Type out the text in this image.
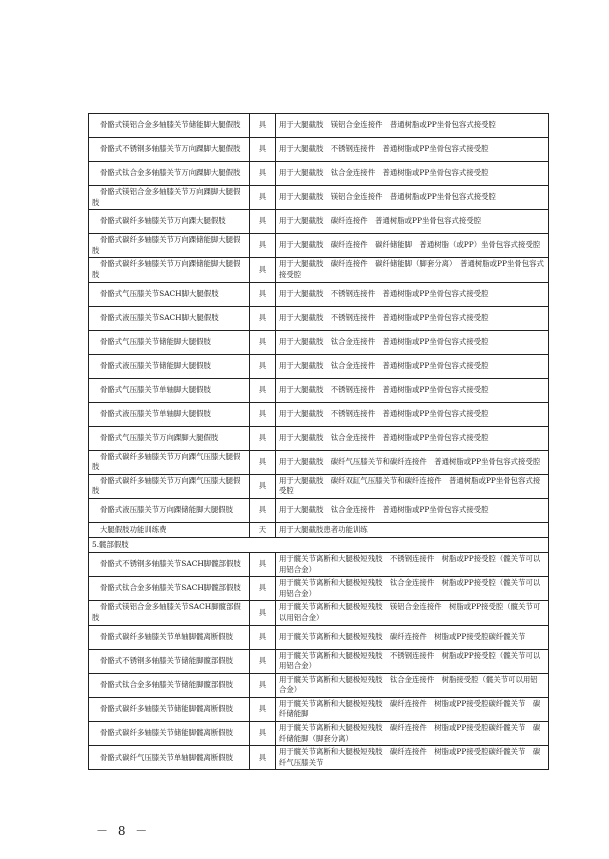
骨骼式镁铝合金多轴膝关节储能脚大腿假肢	具	用于大腿截肢　镁铝合金连接件　普通树脂或PP坐骨包容式接受腔
骨骼式不锈钢多轴膝关节万向踝脚大腿假肢	具	用于大腿截肢　不锈钢连接件　普通树脂或PP坐骨包容式接受腔
骨骼式钛合金多轴膝关节万向踝脚大腿假肢	具	用于大腿截肢　钛合金连接件　普通树脂或PP坐骨包容式接受腔
骨骼式镁铝合金多轴膝关节万向踝脚大腿假肢	具	用于大腿截肢　镁铝合金连接件　普通树脂或PP坐骨包容式接受腔
骨骼式碳纤多轴膝关节万向踝大腿假肢	具	用于大腿截肢　碳纤连接件　普通树脂或PP坐骨包容式接受腔
骨骼式碳纤多轴膝关节万向踝储能脚大腿假肢	具	用于大腿截肢　碳纤连接件　碳纤储能脚　普通树脂（或PP）坐骨包容式接受腔
骨骼式碳纤多轴膝关节万向踝储能脚大腿假肢	具	用于大腿截肢　碳纤连接件　碳纤储能脚（脚套分离）　普通树脂或PP坐骨包容式接受腔
骨骼式气压膝关节SACH脚大腿假肢	具	用于大腿截肢　不锈钢连接件　普通树脂或PP坐骨包容式接受腔
骨骼式液压膝关节SACH脚大腿假肢	具	用于大腿截肢　不锈钢连接件　普通树脂或PP坐骨包容式接受腔
骨骼式气压膝关节储能脚大腿假肢	具	用于大腿截肢　钛合金连接件　普通树脂或PP坐骨包容式接受腔
骨骼式液压膝关节储能脚大腿假肢	具	用于大腿截肢　钛合金连接件　普通树脂或PP坐骨包容式接受腔
骨骼式气压膝关节单轴脚大腿假肢	具	用于大腿截肢　不锈钢连接件　普通树脂或PP坐骨包容式接受腔
骨骼式液压膝关节单轴脚大腿假肢	具	用于大腿截肢　不锈钢连接件　普通树脂或PP坐骨包容式接受腔
骨骼式气压膝关节万向踝脚大腿假肢	具	用于大腿截肢　钛合金连接件　普通树脂或PP坐骨包容式接受腔
骨骼式碳纤多轴膝关节万向踝气压膝大腿假肢	具	用于大腿截肢　碳纤气压膝关节和碳纤连接件　普通树脂或PP坐骨包容式接受腔
骨骼式碳纤多轴膝关节万向踝气压膝大腿假肢	具	用于大腿截肢　碳纤双缸气压膝关节和碳纤连接件　普通树脂或PP坐骨包容式接受腔
骨骼式液压膝关节万向踝储能脚大腿假肢	具	用于大腿截肢　钛合金连接件　普通树脂或PP坐骨包容式接受腔
大腿假肢功能训练费	天	用于大腿截肢患者功能训练
5.髋部假肢		
骨骼式不锈钢多轴膝关节SACH脚髋部假肢	具	用于髋关节离断和大腿极短残肢　不锈钢连接件　树脂或PP接受腔（髋关节可以用铝合金）
骨骼式钛合金多轴膝关节SACH脚髋部假肢	具	用于髋关节离断和大腿极短残肢　钛合金连接件　树脂或PP接受腔（髋关节可以用铝合金）
骨骼式镁铝合金多轴膝关节SACH脚髋部假肢	具	用于髋关节离断和大腿极短残肢　镁铝合金连接件　树脂或PP接受腔（髋关节可以用铝合金）
骨骼式碳纤多轴膝关节单轴脚髋离断假肢	具	用于髋关节离断和大腿极短残肢　碳纤连接件　树脂或PP接受腔碳纤髋关节
骨骼式不锈钢多轴膝关节储能脚髋部假肢	具	用于髋关节离断和大腿极短残肢　不锈钢连接件　树脂或PP接受腔（髋关节可以用铝合金）
骨骼式钛合金多轴膝关节储能脚髋部假肢	具	用于髋关节离断和大腿极短残肢　钛合金连接件　树脂接受腔（髋关节可以用铝合金）
骨骼式碳纤多轴膝关节储能脚髋离断假肢	具	用于髋关节离断和大腿极短残肢　碳纤连接件　树脂或PP接受腔碳纤髋关节　碳纤储能脚
骨骼式碳纤多轴膝关节储能脚髋离断假肢	具	用于髋关节离断和大腿极短残肢　碳纤连接件　树脂或PP接受腔碳纤髋关节　碳纤储能脚（脚套分离）
骨骼式碳纤气压膝关节单轴脚髋离断假肢	具	用于髋关节离断和大腿极短残肢　碳纤连接件　树脂或PP接受腔碳纤髋关节　碳纤气压膝关节
－ 8 －
